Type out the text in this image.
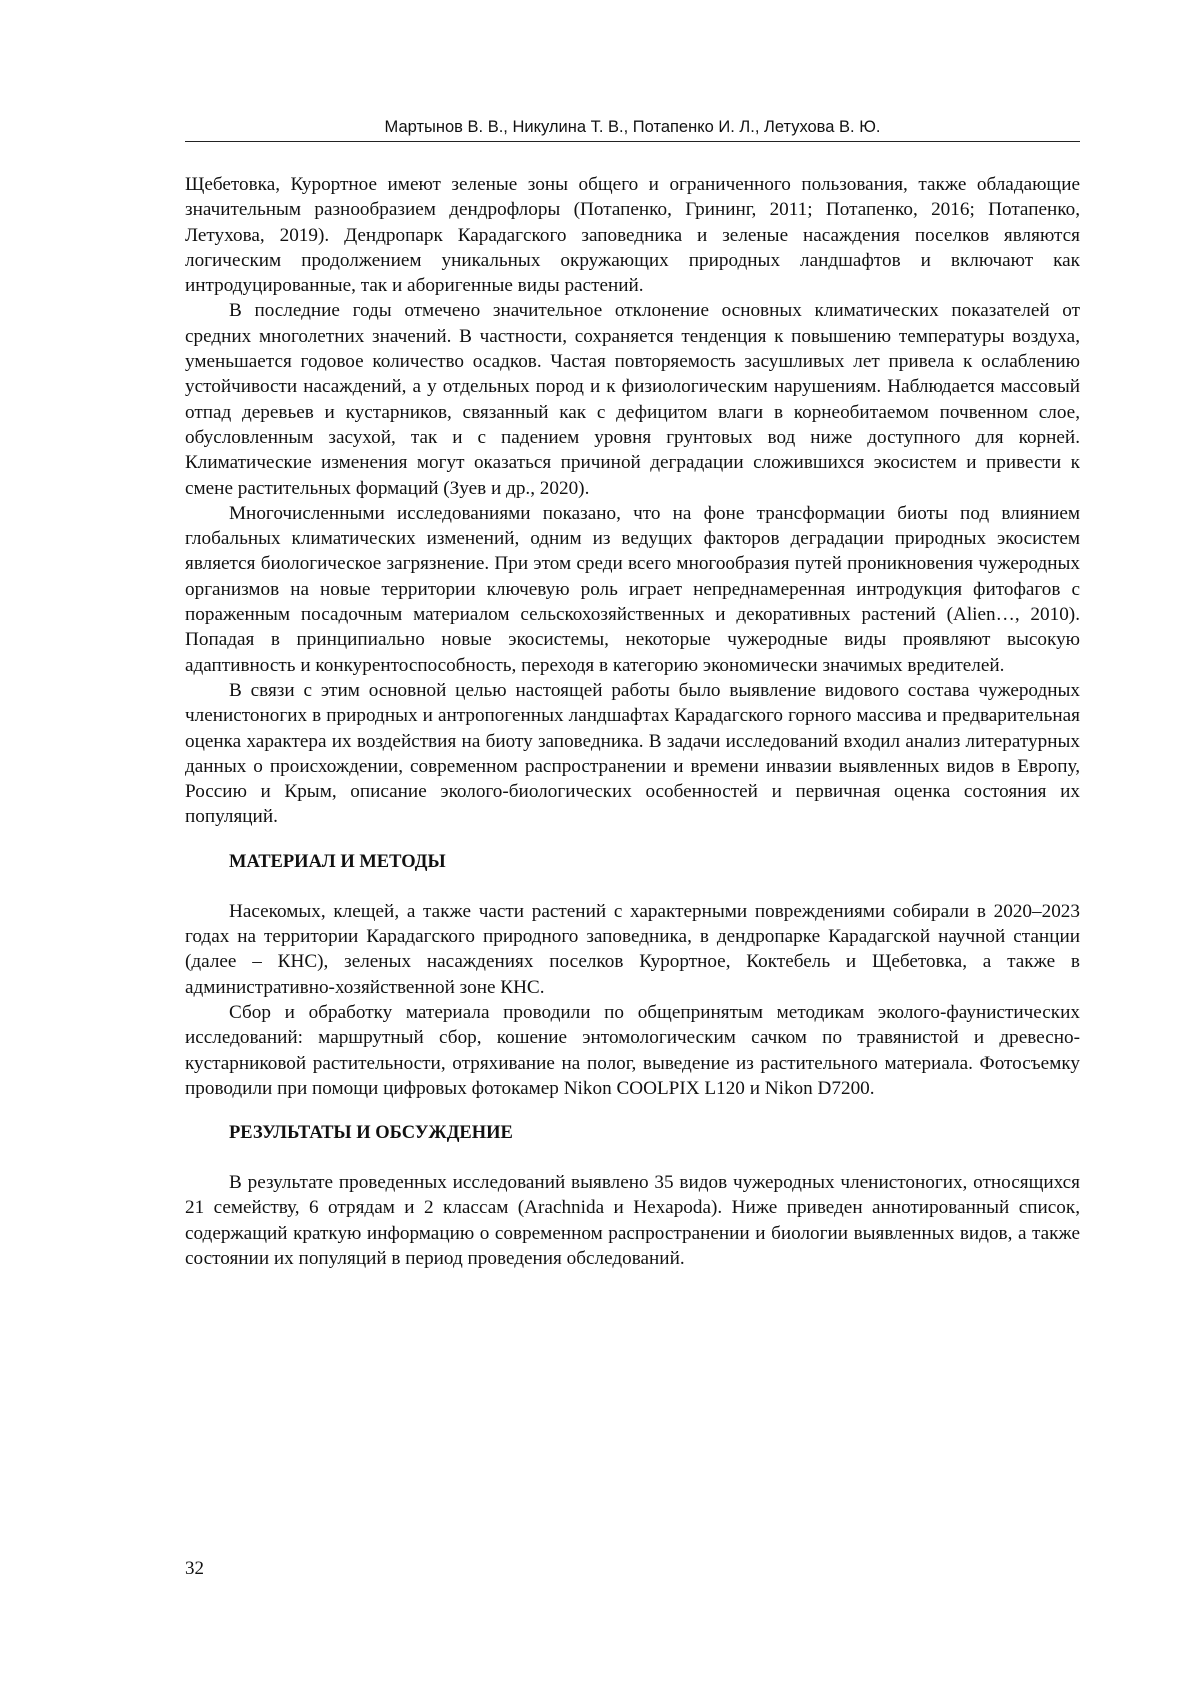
Мартынов В. В., Никулина Т. В., Потапенко И. Л., Летухова В. Ю.

Щебетовка, Курортное имеют зеленые зоны общего и ограниченного пользования, также обладающие значительным разнообразием дендрофлоры (Потапенко, Грининг, 2011; Потапенко, 2016; Потапенко, Летухова, 2019). Дендропарк Карадагского заповедника и зеленые насаждения поселков являются логическим продолжением уникальных окружающих природных ландшафтов и включают как интродуцированные, так и аборигенные виды растений.

В последние годы отмечено значительное отклонение основных климатических показателей от средних многолетних значений. В частности, сохраняется тенденция к повышению температуры воздуха, уменьшается годовое количество осадков. Частая повторяемость засушливых лет привела к ослаблению устойчивости насаждений, а у отдельных пород и к физиологическим нарушениям. Наблюдается массовый отпад деревьев и кустарников, связанный как с дефицитом влаги в корнеобитаемом почвенном слое, обусловленным засухой, так и с падением уровня грунтовых вод ниже доступного для корней. Климатические изменения могут оказаться причиной деградации сложившихся экосистем и привести к смене растительных формаций (Зуев и др., 2020).

Многочисленными исследованиями показано, что на фоне трансформации биоты под влиянием глобальных климатических изменений, одним из ведущих факторов деградации природных экосистем является биологическое загрязнение. При этом среди всего многообразия путей проникновения чужеродных организмов на новые территории ключевую роль играет непреднамеренная интродукция фитофагов с пораженным посадочным материалом сельскохозяйственных и декоративных растений (Alien…, 2010). Попадая в принципиально новые экосистемы, некоторые чужеродные виды проявляют высокую адаптивность и конкурентоспособность, переходя в категорию экономически значимых вредителей.

В связи с этим основной целью настоящей работы было выявление видового состава чужеродных членистоногих в природных и антропогенных ландшафтах Карадагского горного массива и предварительная оценка характера их воздействия на биоту заповедника. В задачи исследований входил анализ литературных данных о происхождении, современном распространении и времени инвазии выявленных видов в Европу, Россию и Крым, описание эколого-биологических особенностей и первичная оценка состояния их популяций.

МАТЕРИАЛ И МЕТОДЫ

Насекомых, клещей, а также части растений с характерными повреждениями собирали в 2020–2023 годах на территории Карадагского природного заповедника, в дендропарке Карадагской научной станции (далее – КНС), зеленых насаждениях поселков Курортное, Коктебель и Щебетовка, а также в административно-хозяйственной зоне КНС.

Сбор и обработку материала проводили по общепринятым методикам эколого-фаунистических исследований: маршрутный сбор, кошение энтомологическим сачком по травянистой и древесно-кустарниковой растительности, отряхивание на полог, выведение из растительного материала. Фотосъемку проводили при помощи цифровых фотокамер Nikon COOLPIX L120 и Nikon D7200.

РЕЗУЛЬТАТЫ И ОБСУЖДЕНИЕ

В результате проведенных исследований выявлено 35 видов чужеродных членистоногих, относящихся 21 семейству, 6 отрядам и 2 классам (Arachnida и Hexapoda). Ниже приведен аннотированный список, содержащий краткую информацию о современном распространении и биологии выявленных видов, а также состоянии их популяций в период проведения обследований.

32
